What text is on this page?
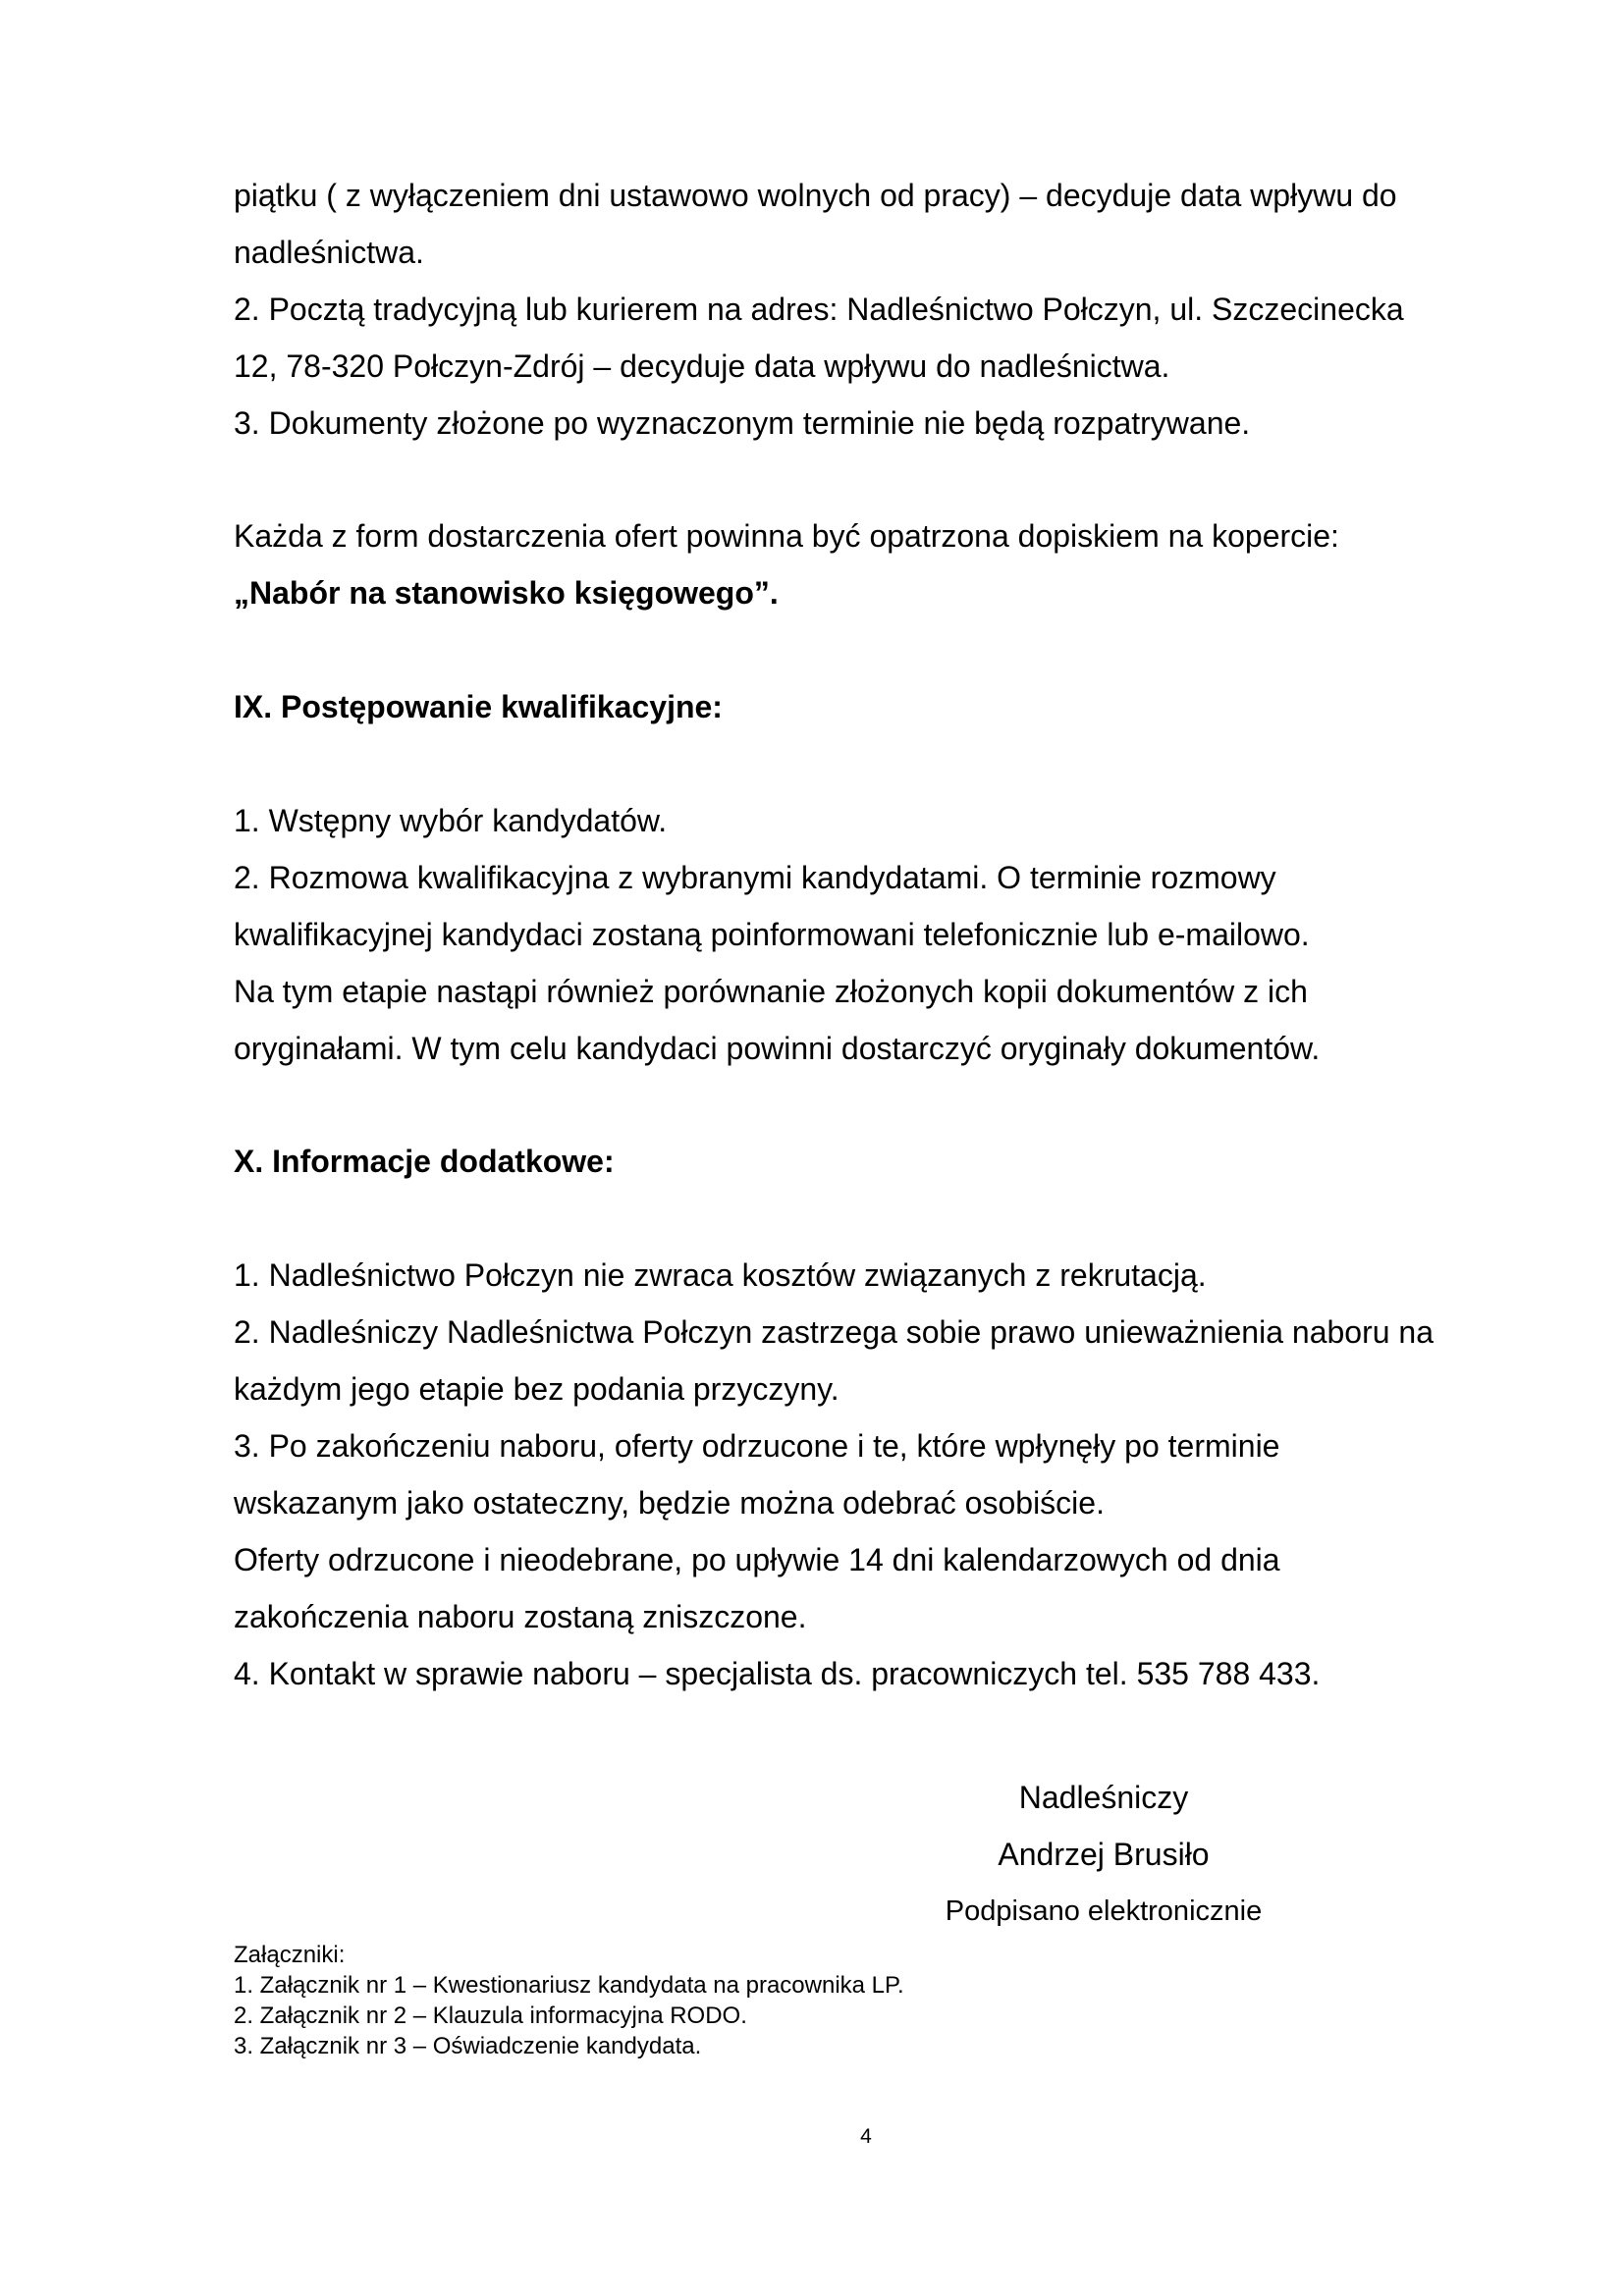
piątku ( z wyłączeniem dni ustawowo wolnych od pracy) – decyduje data wpływu do
nadleśnictwa.
2. Pocztą tradycyjną lub kurierem na adres: Nadleśnictwo Połczyn, ul. Szczecinecka
12, 78-320 Połczyn-Zdrój – decyduje data wpływu do nadleśnictwa.
3. Dokumenty złożone po wyznaczonym terminie nie będą rozpatrywane.
Każda z form dostarczenia ofert powinna być opatrzona dopiskiem na kopercie:
„Nabór na stanowisko księgowego”.
IX. Postępowanie kwalifikacyjne:
1. Wstępny wybór kandydatów.
2. Rozmowa kwalifikacyjna z wybranymi kandydatami. O terminie rozmowy
kwalifikacyjnej kandydaci zostaną poinformowani telefonicznie lub e-mailowo.
Na tym etapie nastąpi również porównanie złożonych kopii dokumentów z ich
oryginałami. W tym celu kandydaci powinni dostarczyć oryginały dokumentów.
X. Informacje dodatkowe:
1. Nadleśnictwo Połczyn nie zwraca kosztów związanych z rekrutacją.
2. Nadleśniczy Nadleśnictwa Połczyn zastrzega sobie prawo unieważnienia naboru na
każdym jego etapie bez podania przyczyny.
3. Po zakończeniu naboru, oferty odrzucone i te, które wpłynęły po terminie
wskazanym jako ostateczny, będzie można odebrać osobiście.
Oferty odrzucone i nieodebrane, po upływie 14 dni kalendarzowych od dnia
zakończenia naboru zostaną zniszczone.
4. Kontakt w sprawie naboru – specjalista ds. pracowniczych tel. 535 788 433.
Nadleśniczy
Andrzej Brusiło
Podpisano elektronicznie
Załączniki:
1. Załącznik nr 1 – Kwestionariusz kandydata na pracownika LP.
2. Załącznik nr 2 – Klauzula informacyjna RODO.
3. Załącznik nr 3 – Oświadczenie kandydata.
4
